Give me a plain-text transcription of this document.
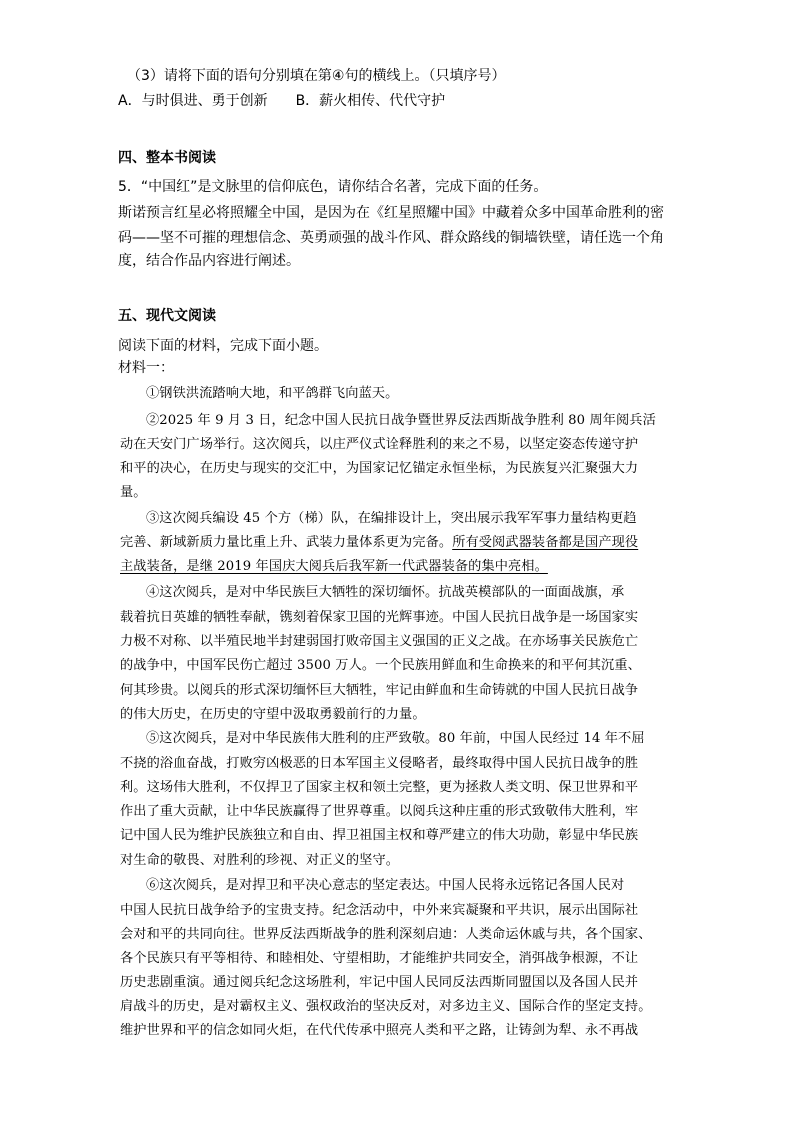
（3）请将下面的语句分别填在第④句的横线上。（只填序号）
A．与时俱进、勇于创新　　B．薪火相传、代代守护
四、整本书阅读
5．“中国红”是文脉里的信仰底色，请你结合名著，完成下面的任务。
斯诺预言红星必将照耀全中国，是因为在《红星照耀中国》中藏着众多中国革命胜利的密
码——坚不可摧的理想信念、英勇顽强的战斗作风、群众路线的铜墙铁壁，请任选一个角
度，结合作品内容进行阐述。
五、现代文阅读
阅读下面的材料，完成下面小题。
材料一：
①钢铁洪流踏响大地，和平鸽群飞向蓝天。
②2025 年 9 月 3 日，纪念中国人民抗日战争暨世界反法西斯战争胜利 80 周年阅兵活
动在天安门广场举行。这次阅兵，以庄严仪式诠释胜利的来之不易，以坚定姿态传递守护
和平的决心，在历史与现实的交汇中，为国家记忆锚定永恒坐标，为民族复兴汇聚强大力
量。
③这次阅兵编设 45 个方（梯）队，在编排设计上，突出展示我军军事力量结构更趋
完善、新域新质力量比重上升、武装力量体系更为完备。所有受阅武器装备都是国产现役
主战装备，是继 2019 年国庆大阅兵后我军新一代武器装备的集中亮相。
④这次阅兵，是对中华民族巨大牺牲的深切缅怀。抗战英模部队的一面面战旗，承
载着抗日英雄的牺牲奉献，镌刻着保家卫国的光辉事迹。中国人民抗日战争是一场国家实
力极不对称、以半殖民地半封建弱国打败帝国主义强国的正义之战。在亦场事关民族危亡
的战争中，中国军民伤亡超过 3500 万人。一个民族用鲜血和生命换来的和平何其沉重、
何其珍贵。以阅兵的形式深切缅怀巨大牺牲，牢记由鲜血和生命铸就的中国人民抗日战争
的伟大历史，在历史的守望中汲取勇毅前行的力量。
⑤这次阅兵，是对中华民族伟大胜利的庄严致敬。80 年前，中国人民经过 14 年不屈
不挠的浴血奋战，打败穷凶极恶的日本军国主义侵略者，最终取得中国人民抗日战争的胜
利。这场伟大胜利，不仅捍卫了国家主权和领土完整，更为拯救人类文明、保卫世界和平
作出了重大贡献，让中华民族赢得了世界尊重。以阅兵这种庄重的形式致敬伟大胜利，牢
记中国人民为维护民族独立和自由、捍卫祖国主权和尊严建立的伟大功勋，彰显中华民族
对生命的敬畏、对胜利的珍视、对正义的坚守。
⑥这次阅兵，是对捍卫和平决心意志的坚定表达。中国人民将永远铭记各国人民对
中国人民抗日战争给予的宝贵支持。纪念活动中，中外来宾凝聚和平共识，展示出国际社
会对和平的共同向往。世界反法西斯战争的胜利深刻启迪：人类命运休戚与共，各个国家、
各个民族只有平等相待、和睦相处、守望相助，才能维护共同安全，消弭战争根源，不让
历史悲剧重演。通过阅兵纪念这场胜利，牢记中国人民同反法西斯同盟国以及各国人民并
肩战斗的历史，是对霸权主义、强权政治的坚决反对，对多边主义、国际合作的坚定支持。
维护世界和平的信念如同火炬，在代代传承中照亮人类和平之路，让铸剑为犁、永不再战
